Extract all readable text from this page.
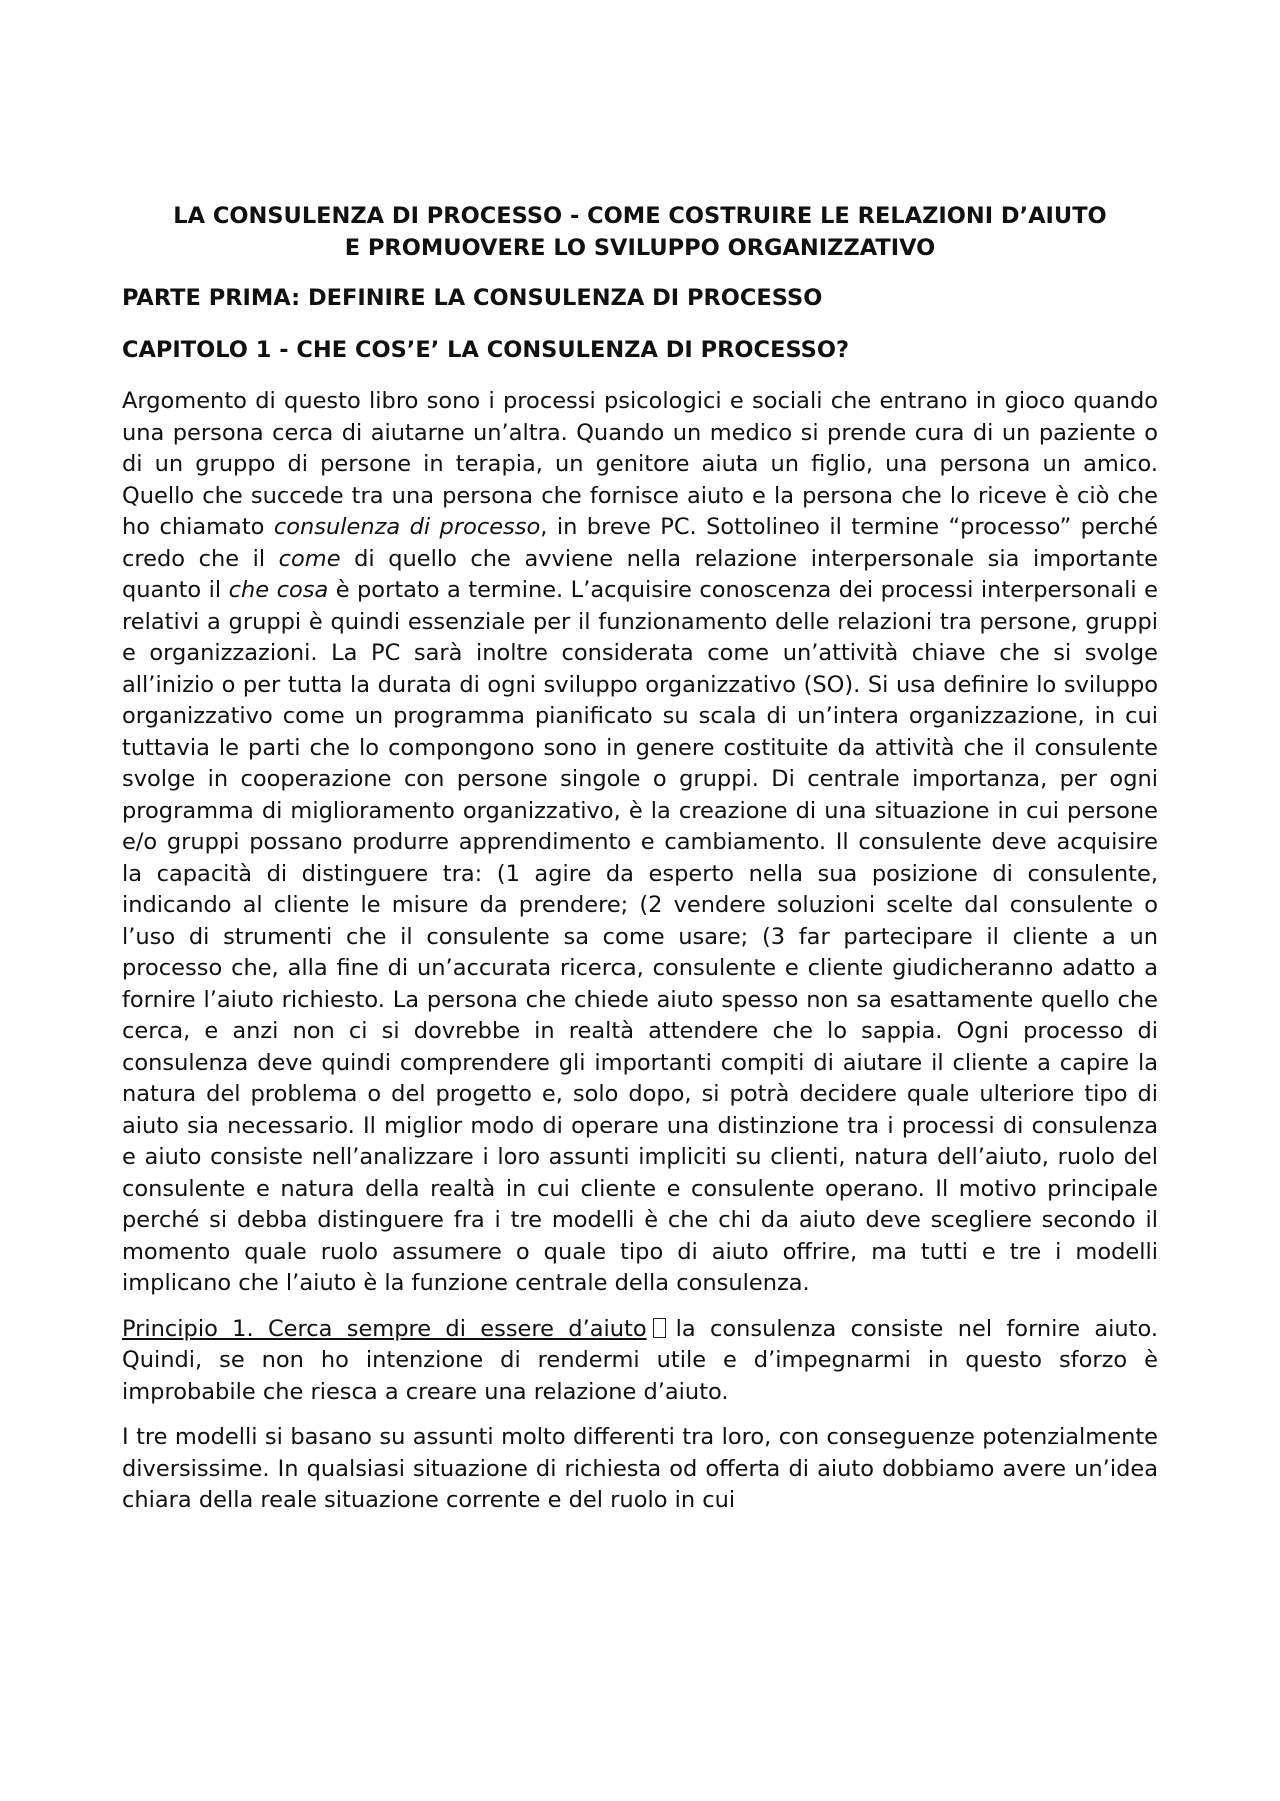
LA CONSULENZA DI PROCESSO - COME COSTRUIRE LE RELAZIONI D’AIUTO
E PROMUOVERE LO SVILUPPO ORGANIZZATIVO
PARTE PRIMA: DEFINIRE LA CONSULENZA DI PROCESSO
CAPITOLO 1 - CHE COS’E’ LA CONSULENZA DI PROCESSO?

Argomento di questo libro sono i processi psicologici e sociali che entrano in gioco quando una persona cerca di aiutarne un’altra. Quando un medico si prende cura di un paziente o di un gruppo di persone in terapia, un genitore aiuta un figlio, una persona un amico. Quello che succede tra una persona che fornisce aiuto e la persona che lo riceve è ciò che ho chiamato consulenza di processo, in breve PC. Sottolineo il termine “processo” perché credo che il come di quello che avviene nella relazione interpersonale sia importante quanto il che cosa è portato a termine. L’acquisire conoscenza dei processi interpersonali e relativi a gruppi è quindi essenziale per il funzionamento delle relazioni tra persone, gruppi e organizzazioni. La PC sarà inoltre considerata come un’attività chiave che si svolge all’inizio o per tutta la durata di ogni sviluppo organizzativo (SO). Si usa definire lo sviluppo organizzativo come un programma pianificato su scala di un’intera organizzazione, in cui tuttavia le parti che lo compongono sono in genere costituite da attività che il consulente svolge in cooperazione con persone singole o gruppi. Di centrale importanza, per ogni programma di miglioramento organizzativo, è la creazione di una situazione in cui persone e/o gruppi possano produrre apprendimento e cambiamento. Il consulente deve acquisire la capacità di distinguere tra: (1 agire da esperto nella sua posizione di consulente, indicando al cliente le misure da prendere; (2 vendere soluzioni scelte dal consulente o l’uso di strumenti che il consulente sa come usare; (3 far partecipare il cliente a un processo che, alla fine di un’accurata ricerca, consulente e cliente giudicheranno adatto a fornire l’aiuto richiesto. La persona che chiede aiuto spesso non sa esattamente quello che cerca, e anzi non ci si dovrebbe in realtà attendere che lo sappia. Ogni processo di consulenza deve quindi comprendere gli importanti compiti di aiutare il cliente a capire la natura del problema o del progetto e, solo dopo, si potrà decidere quale ulteriore tipo di aiuto sia necessario. Il miglior modo di operare una distinzione tra i processi di consulenza e aiuto consiste nell’analizzare i loro assunti impliciti su clienti, natura dell’aiuto, ruolo del consulente e natura della realtà in cui cliente e consulente operano. Il motivo principale perché si debba distinguere fra i tre modelli è che chi da aiuto deve scegliere secondo il momento quale ruolo assumere o quale tipo di aiuto offrire, ma tutti e tre i modelli implicano che l’aiuto è la funzione centrale della consulenza.

Principio 1. Cerca sempre di essere d’aiuto la consulenza consiste nel fornire aiuto. Quindi, se non ho intenzione di rendermi utile e d’impegnarmi in questo sforzo è improbabile che riesca a creare una relazione d’aiuto.

I tre modelli si basano su assunti molto differenti tra loro, con conseguenze potenzialmente diversissime. In qualsiasi situazione di richiesta od offerta di aiuto dobbiamo avere un’idea chiara della reale situazione corrente e del ruolo in cui
